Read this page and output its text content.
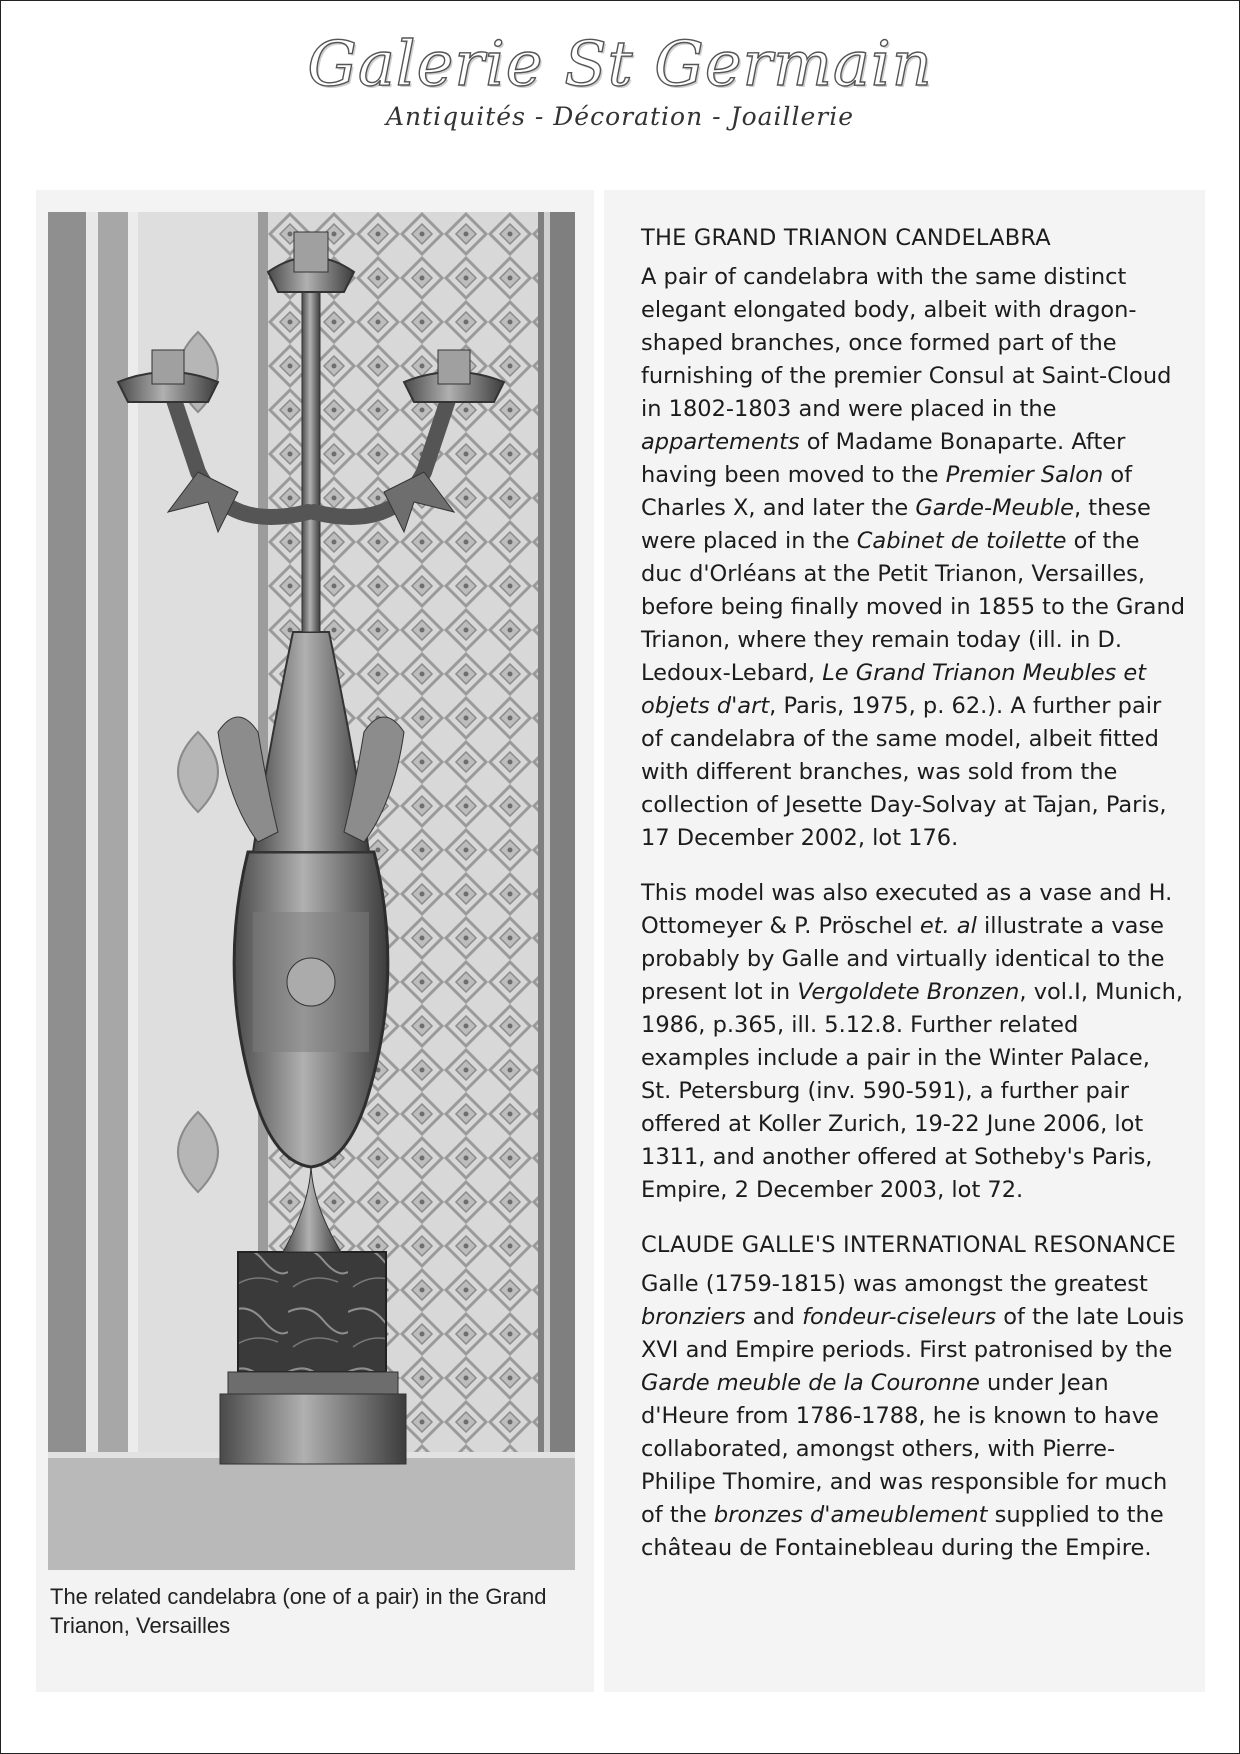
Galerie St Germain
Antiquités - Décoration - Joaillerie
The related candelabra (one of a pair) in the Grand Trianon, Versailles
THE GRAND TRIANON CANDELABRA

A pair of candelabra with the same distinct elegant elongated body, albeit with dragon-shaped branches, once formed part of the furnishing of the premier Consul at Saint-Cloud in 1802-1803 and were placed in the appartements of Madame Bonaparte. After having been moved to the Premier Salon of Charles X, and later the Garde-Meuble, these were placed in the Cabinet de toilette of the duc d'Orléans at the Petit Trianon, Versailles, before being finally moved in 1855 to the Grand Trianon, where they remain today (ill. in D. Ledoux-Lebard, Le Grand Trianon Meubles et objets d'art, Paris, 1975, p. 62.). A further pair of candelabra of the same model, albeit fitted with different branches, was sold from the collection of Jesette Day-Solvay at Tajan, Paris, 17 December 2002, lot 176.

This model was also executed as a vase and H. Ottomeyer & P. Pröschel et. al illustrate a vase probably by Galle and virtually identical to the present lot in Vergoldete Bronzen, vol.I, Munich, 1986, p.365, ill. 5.12.8. Further related examples include a pair in the Winter Palace, St. Petersburg (inv. 590-591), a further pair offered at Koller Zurich, 19-22 June 2006, lot 1311, and another offered at Sotheby's Paris, Empire, 2 December 2003, lot 72.

CLAUDE GALLE'S INTERNATIONAL RESONANCE

Galle (1759-1815) was amongst the greatest bronziers and fondeur-ciseleurs of the late Louis XVI and Empire periods. First patronised by the Garde meuble de la Couronne under Jean d'Heure from 1786-1788, he is known to have collaborated, amongst others, with Pierre-Philipe Thomire, and was responsible for much of the bronzes d'ameublement supplied to the château de Fontainebleau during the Empire.
